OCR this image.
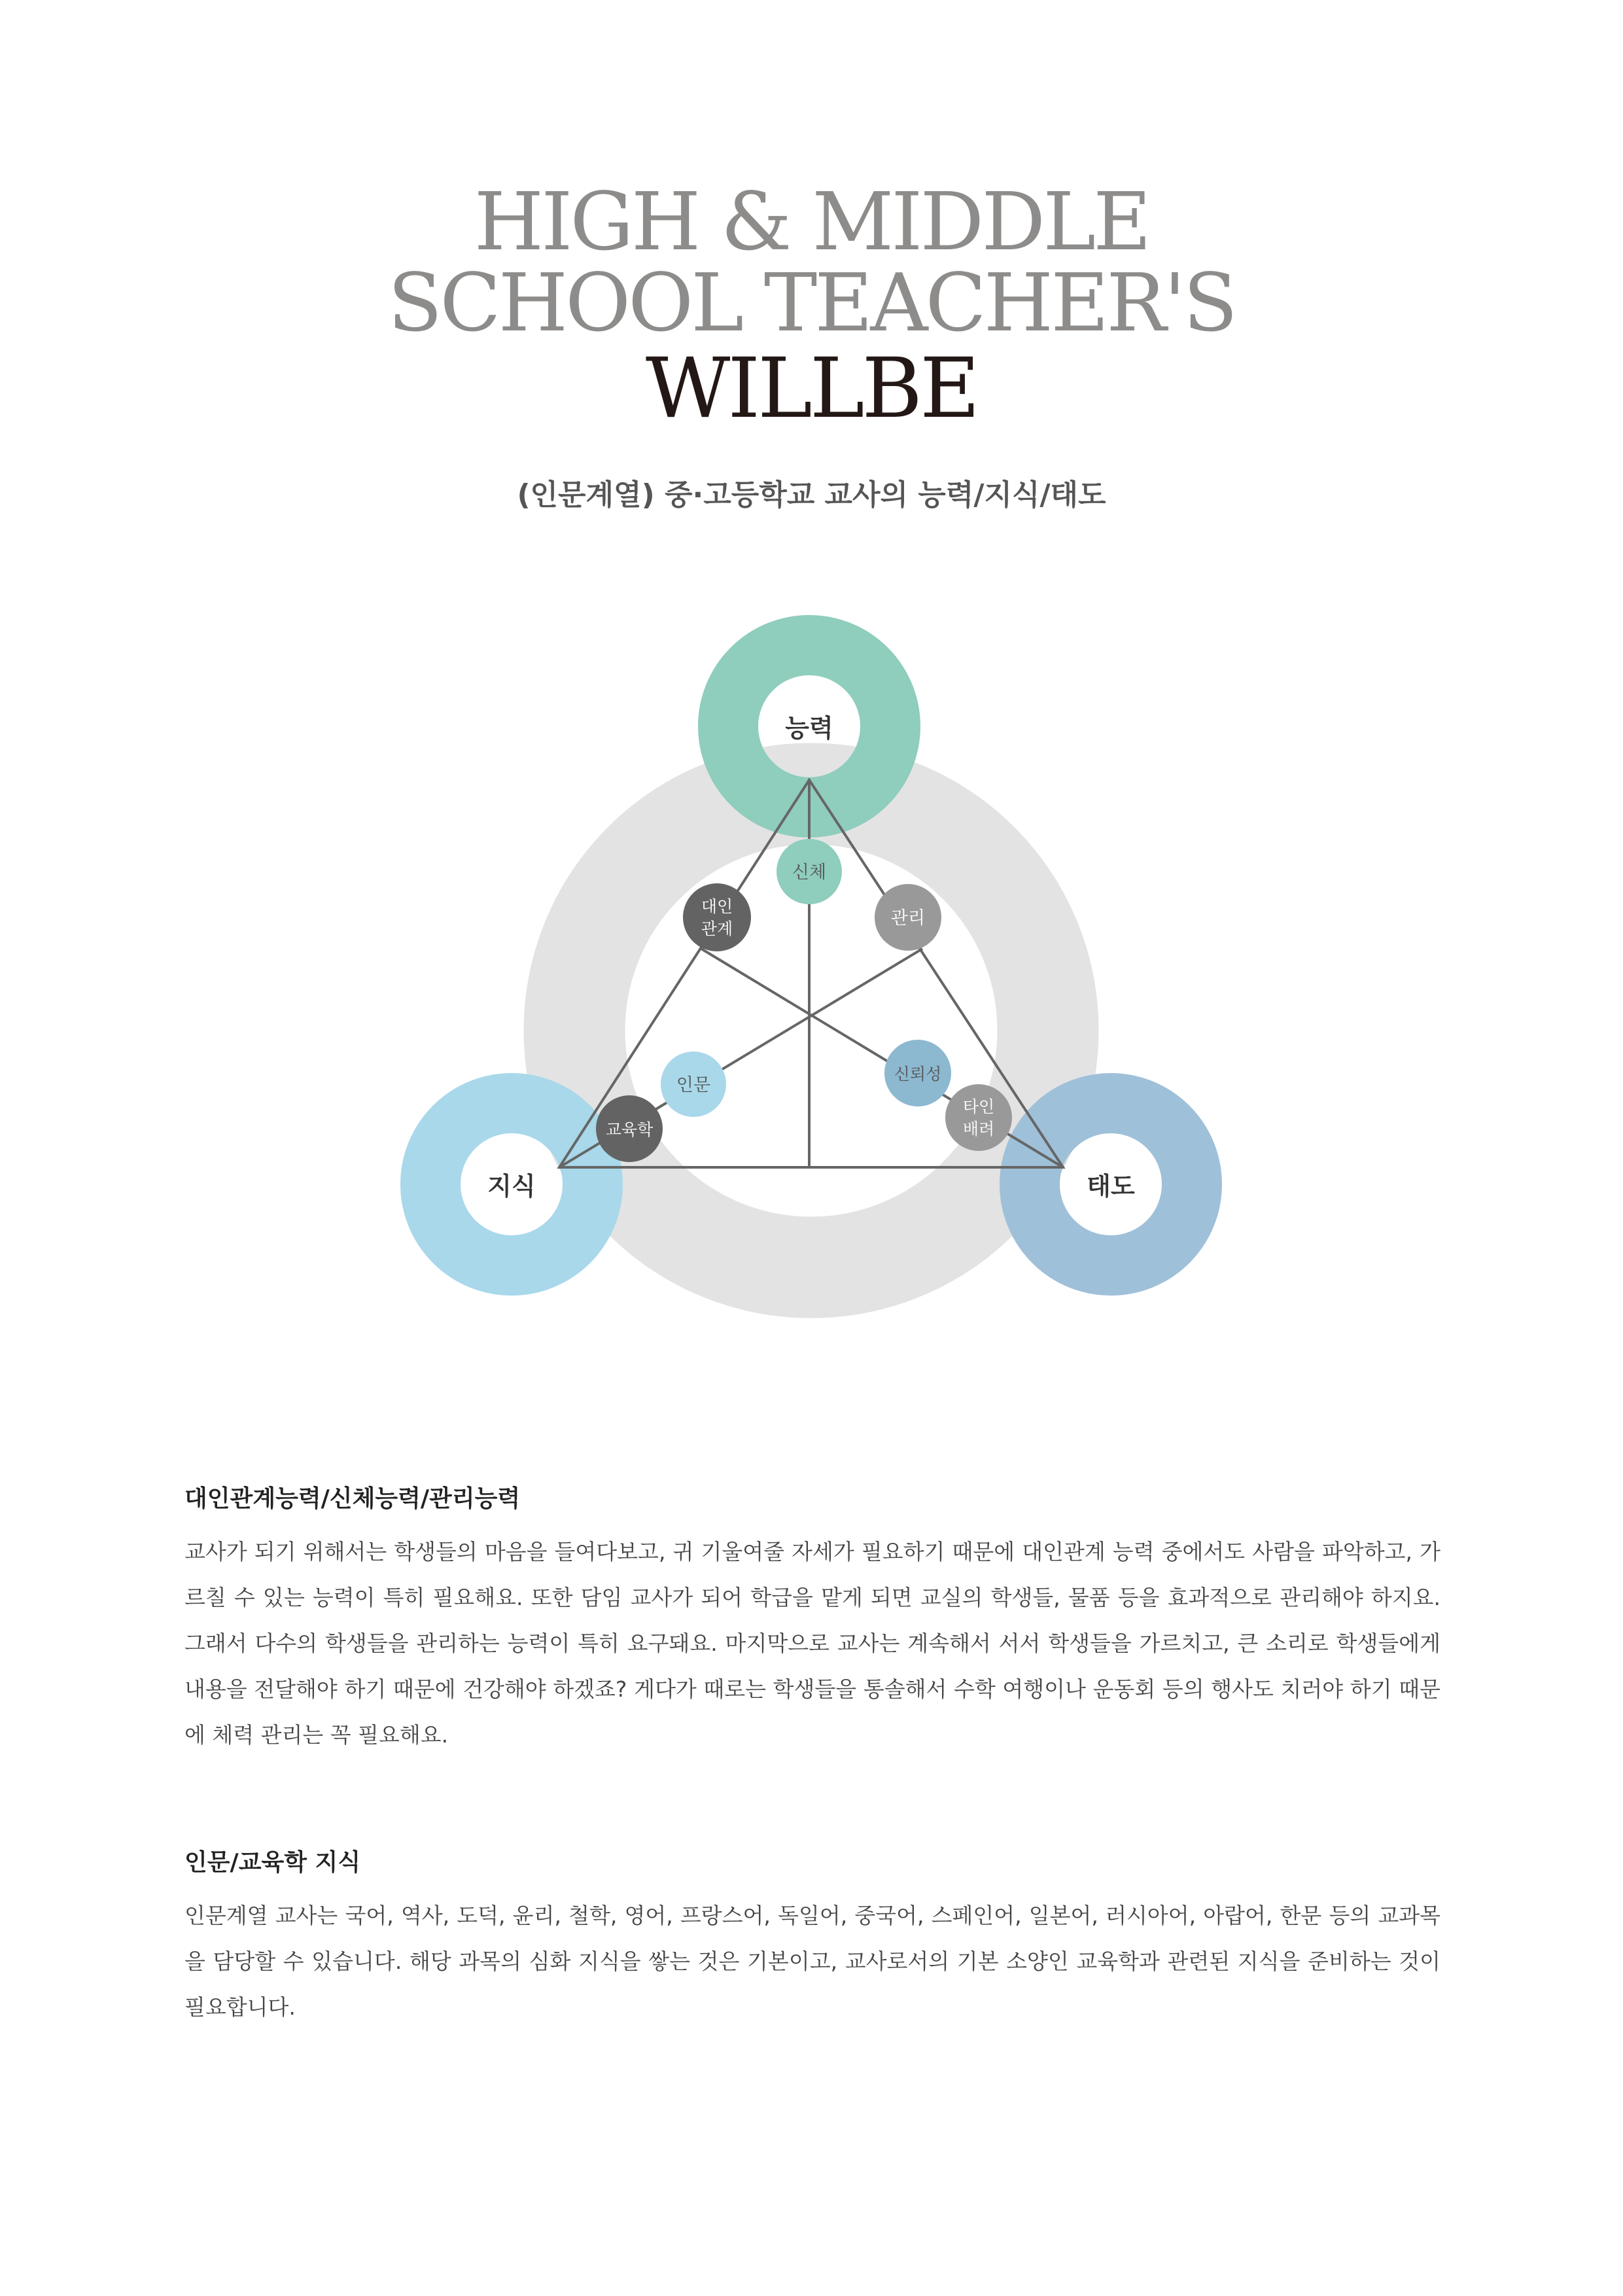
HIGH & MIDDLE
SCHOOL TEACHER'S
WILLBE
(인문계열) 중·고등학교 교사의 능력/지식/태도
능력
지식	태도
신체
대인
관계
관리
인문
교육학
신뢰성
타인
배려
대인관계능력/신체능력/관리능력

교사가 되기 위해서는 학생들의 마음을 들여다보고, 귀 기울여줄 자세가 필요하기 때문에 대인관계 능력 중에서도 사람을 파악하고, 가르칠 수 있는 능력이 특히 필요해요. 또한 담임 교사가 되어 학급을 맡게 되면 교실의 학생들, 물품 등을 효과적으로 관리해야 하지요. 그래서 다수의 학생들을 관리하는 능력이 특히 요구돼요. 마지막으로 교사는 계속해서 서서 학생들을 가르치고, 큰 소리로 학생들에게 내용을 전달해야 하기 때문에 건강해야 하겠죠? 게다가 때로는 학생들을 통솔해서 수학 여행이나 운동회 등의 행사도 치러야 하기 때문에 체력 관리는 꼭 필요해요.

인문/교육학 지식

인문계열 교사는 국어, 역사, 도덕, 윤리, 철학, 영어, 프랑스어, 독일어, 중국어, 스페인어, 일본어, 러시아어, 아랍어, 한문 등의 교과목을 담당할 수 있습니다. 해당 과목의 심화 지식을 쌓는 것은 기본이고, 교사로서의 기본 소양인 교육학과 관련된 지식을 준비하는 것이 필요합니다.
